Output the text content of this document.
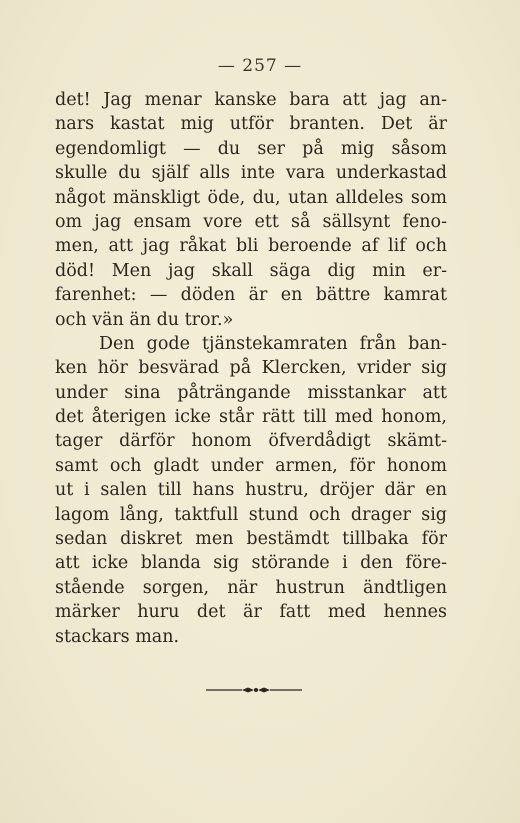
— 257 —
det! Jag menar kanske bara att jag an-
nars kastat mig utför branten. Det är
egendomligt — du ser på mig såsom
skulle du själf alls inte vara underkastad
något mänskligt öde, du, utan alldeles som
om jag ensam vore ett så sällsynt feno-
men, att jag råkat bli beroende af lif och
död! Men jag skall säga dig min er-
farenhet: — döden är en bättre kamrat
och vän än du tror.»
Den gode tjänstekamraten från ban-
ken hör besvärad på Klercken, vrider sig
under sina påträngande misstankar att
det återigen icke står rätt till med honom,
tager därför honom öfverdådigt skämt-
samt och gladt under armen, för honom
ut i salen till hans hustru, dröjer där en
lagom lång, taktfull stund och drager sig
sedan diskret men bestämdt tillbaka för
att icke blanda sig störande i den före-
stående sorgen, när hustrun ändtligen
märker huru det är fatt med hennes
stackars man.
